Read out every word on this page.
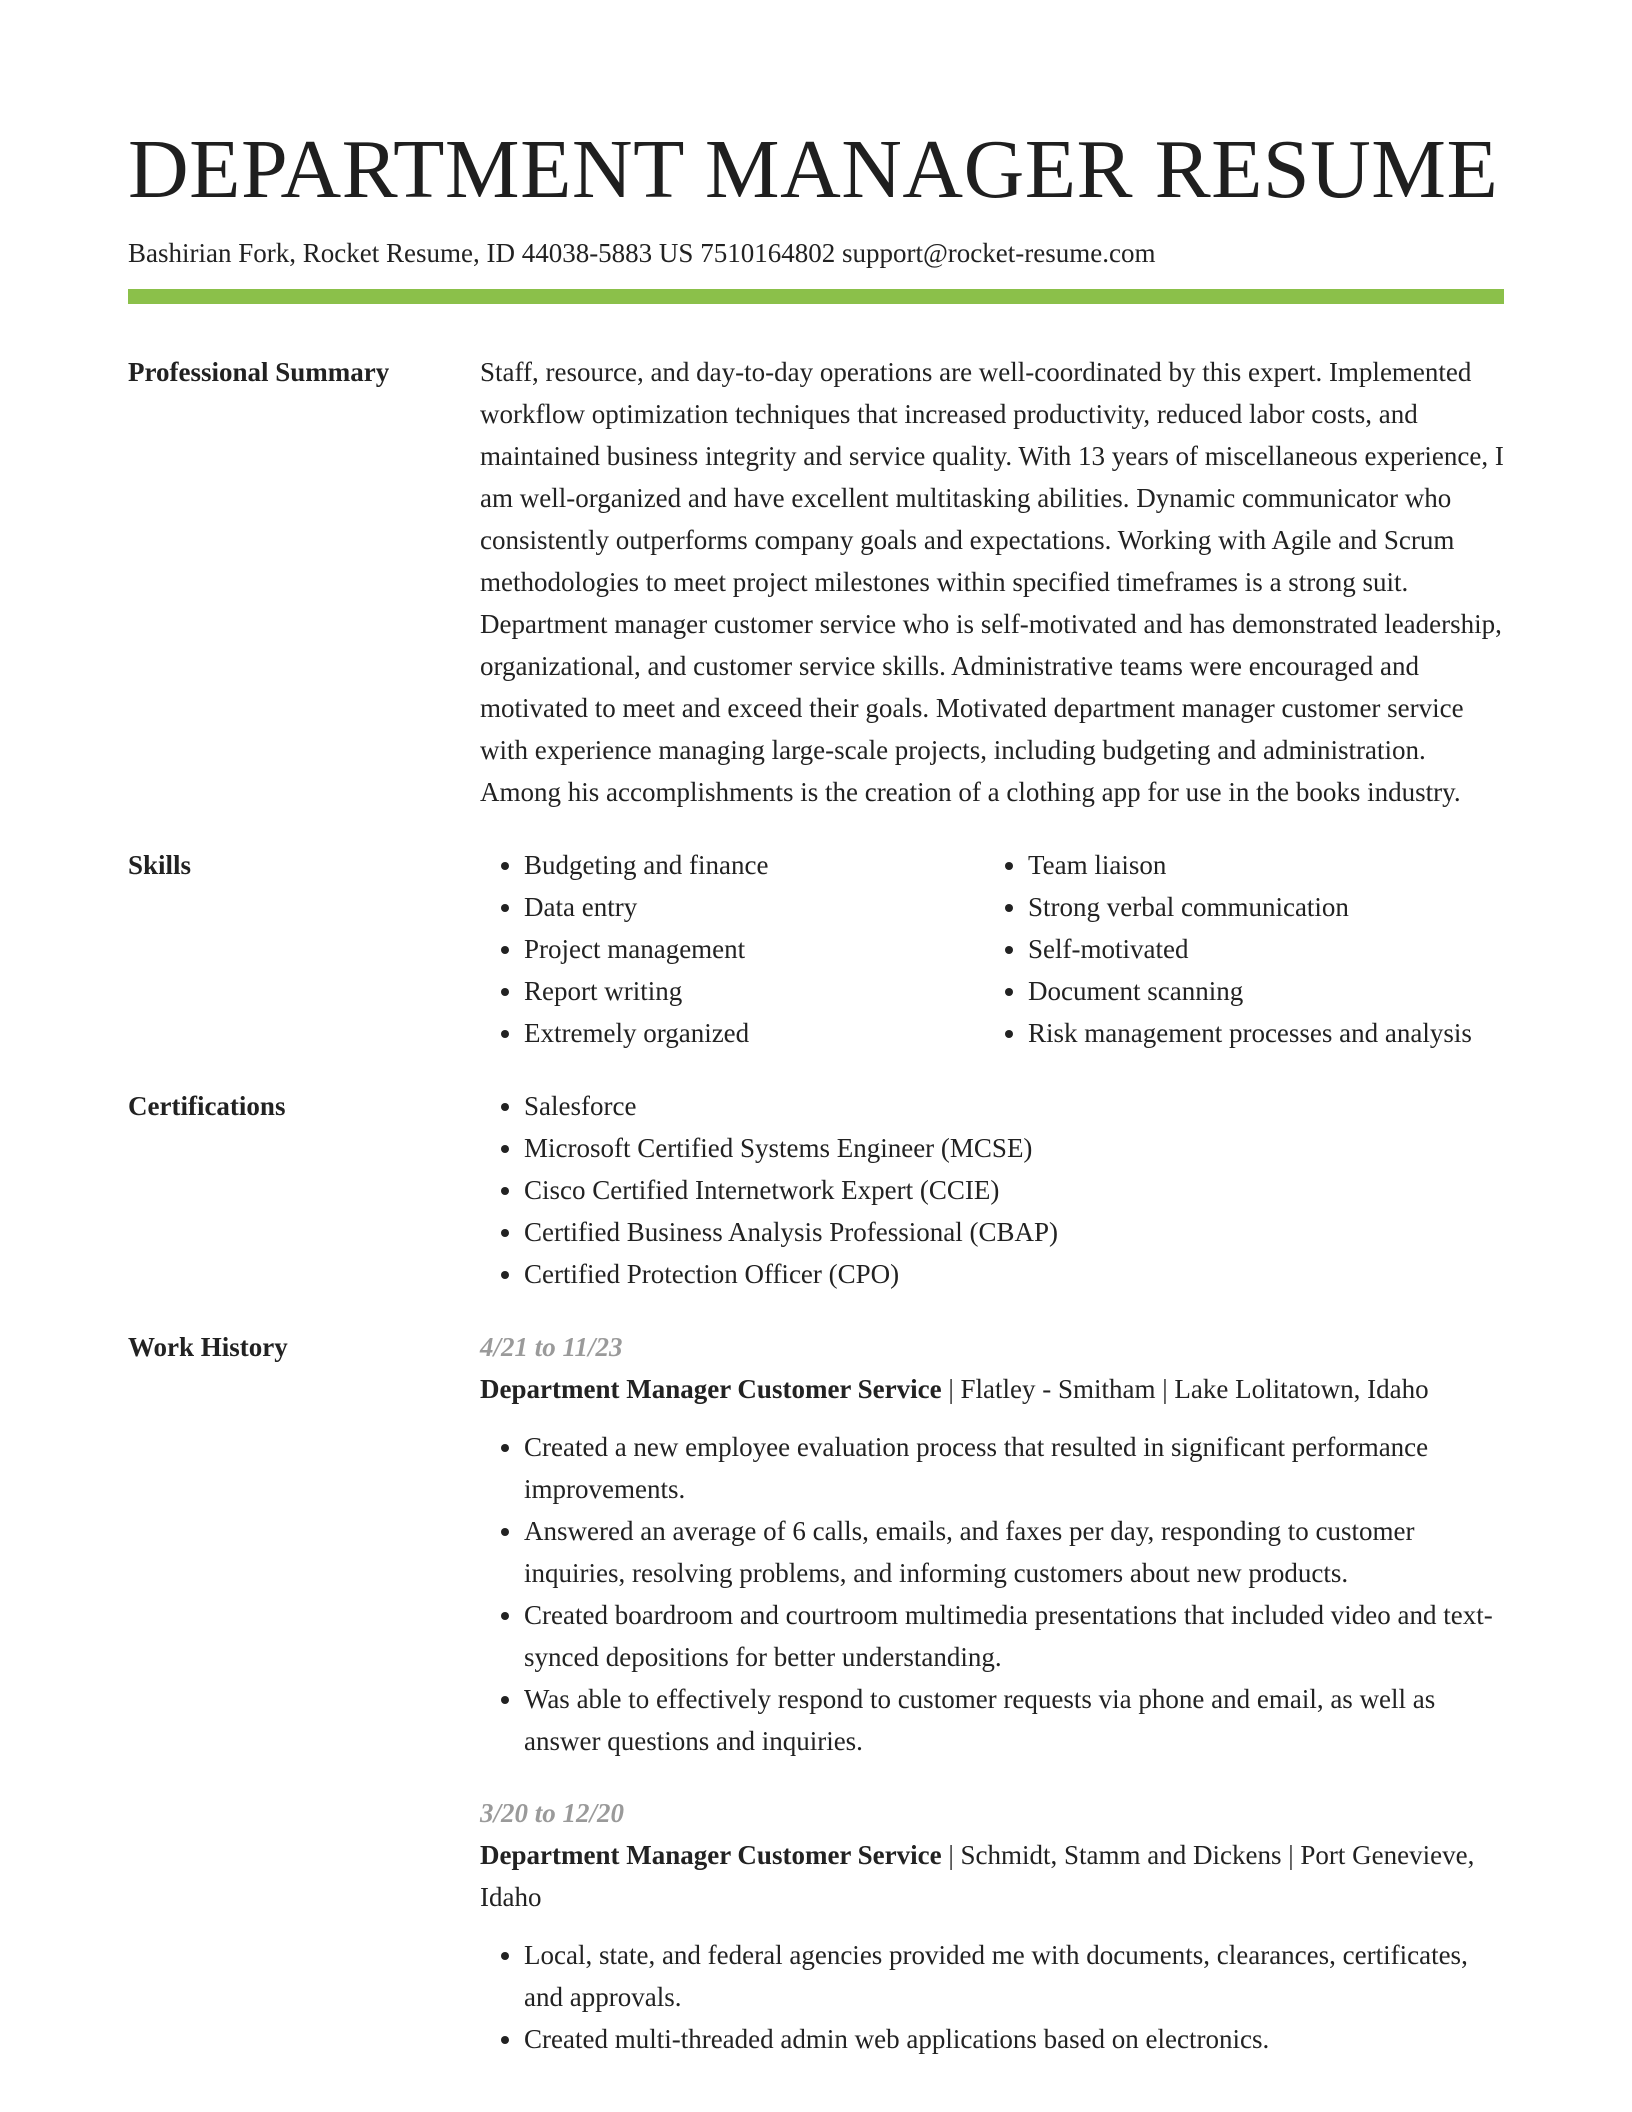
DEPARTMENT MANAGER RESUME
Bashirian Fork, Rocket Resume, ID 44038-5883 US 7510164802 support@rocket-resume.com
Professional Summary	Staff, resource, and day-to-day operations are well-coordinated by this expert. Implemented workflow optimization techniques that increased productivity, reduced labor costs, and maintained business integrity and service quality. With 13 years of miscellaneous experience, I am well-organized and have excellent multitasking abilities. Dynamic communicator who consistently outperforms company goals and expectations. Working with Agile and Scrum methodologies to meet project milestones within specified timeframes is a strong suit. Department manager customer service who is self-motivated and has demonstrated leadership, organizational, and customer service skills. Administrative teams were encouraged and motivated to meet and exceed their goals. Motivated department manager customer service with experience managing large-scale projects, including budgeting and administration. Among his accomplishments is the creation of a clothing app for use in the books industry.

Skills	• Budgeting and finance
• Data entry
• Project management
• Report writing
• Extremely organized
• Team liaison
• Strong verbal communication
• Self-motivated
• Document scanning
• Risk management processes and analysis
Certifications	• Salesforce
• Microsoft Certified Systems Engineer (MCSE)
• Cisco Certified Internetwork Expert (CCIE)
• Certified Business Analysis Professional (CBAP)
• Certified Protection Officer (CPO)
Work History	4/21 to 11/23

Department Manager Customer Service | Flatley - Smitham | Lake Lolitatown, Idaho

• Created a new employee evaluation process that resulted in significant performance improvements.
• Answered an average of 6 calls, emails, and faxes per day, responding to customer inquiries, resolving problems, and informing customers about new products.
• Created boardroom and courtroom multimedia presentations that included video and text-synced depositions for better understanding.
• Was able to effectively respond to customer requests via phone and email, as well as answer questions and inquiries.
3/20 to 12/20

Department Manager Customer Service | Schmidt, Stamm and Dickens | Port Genevieve, Idaho

• Local, state, and federal agencies provided me with documents, clearances, certificates, and approvals.
• Created multi-threaded admin web applications based on electronics.
